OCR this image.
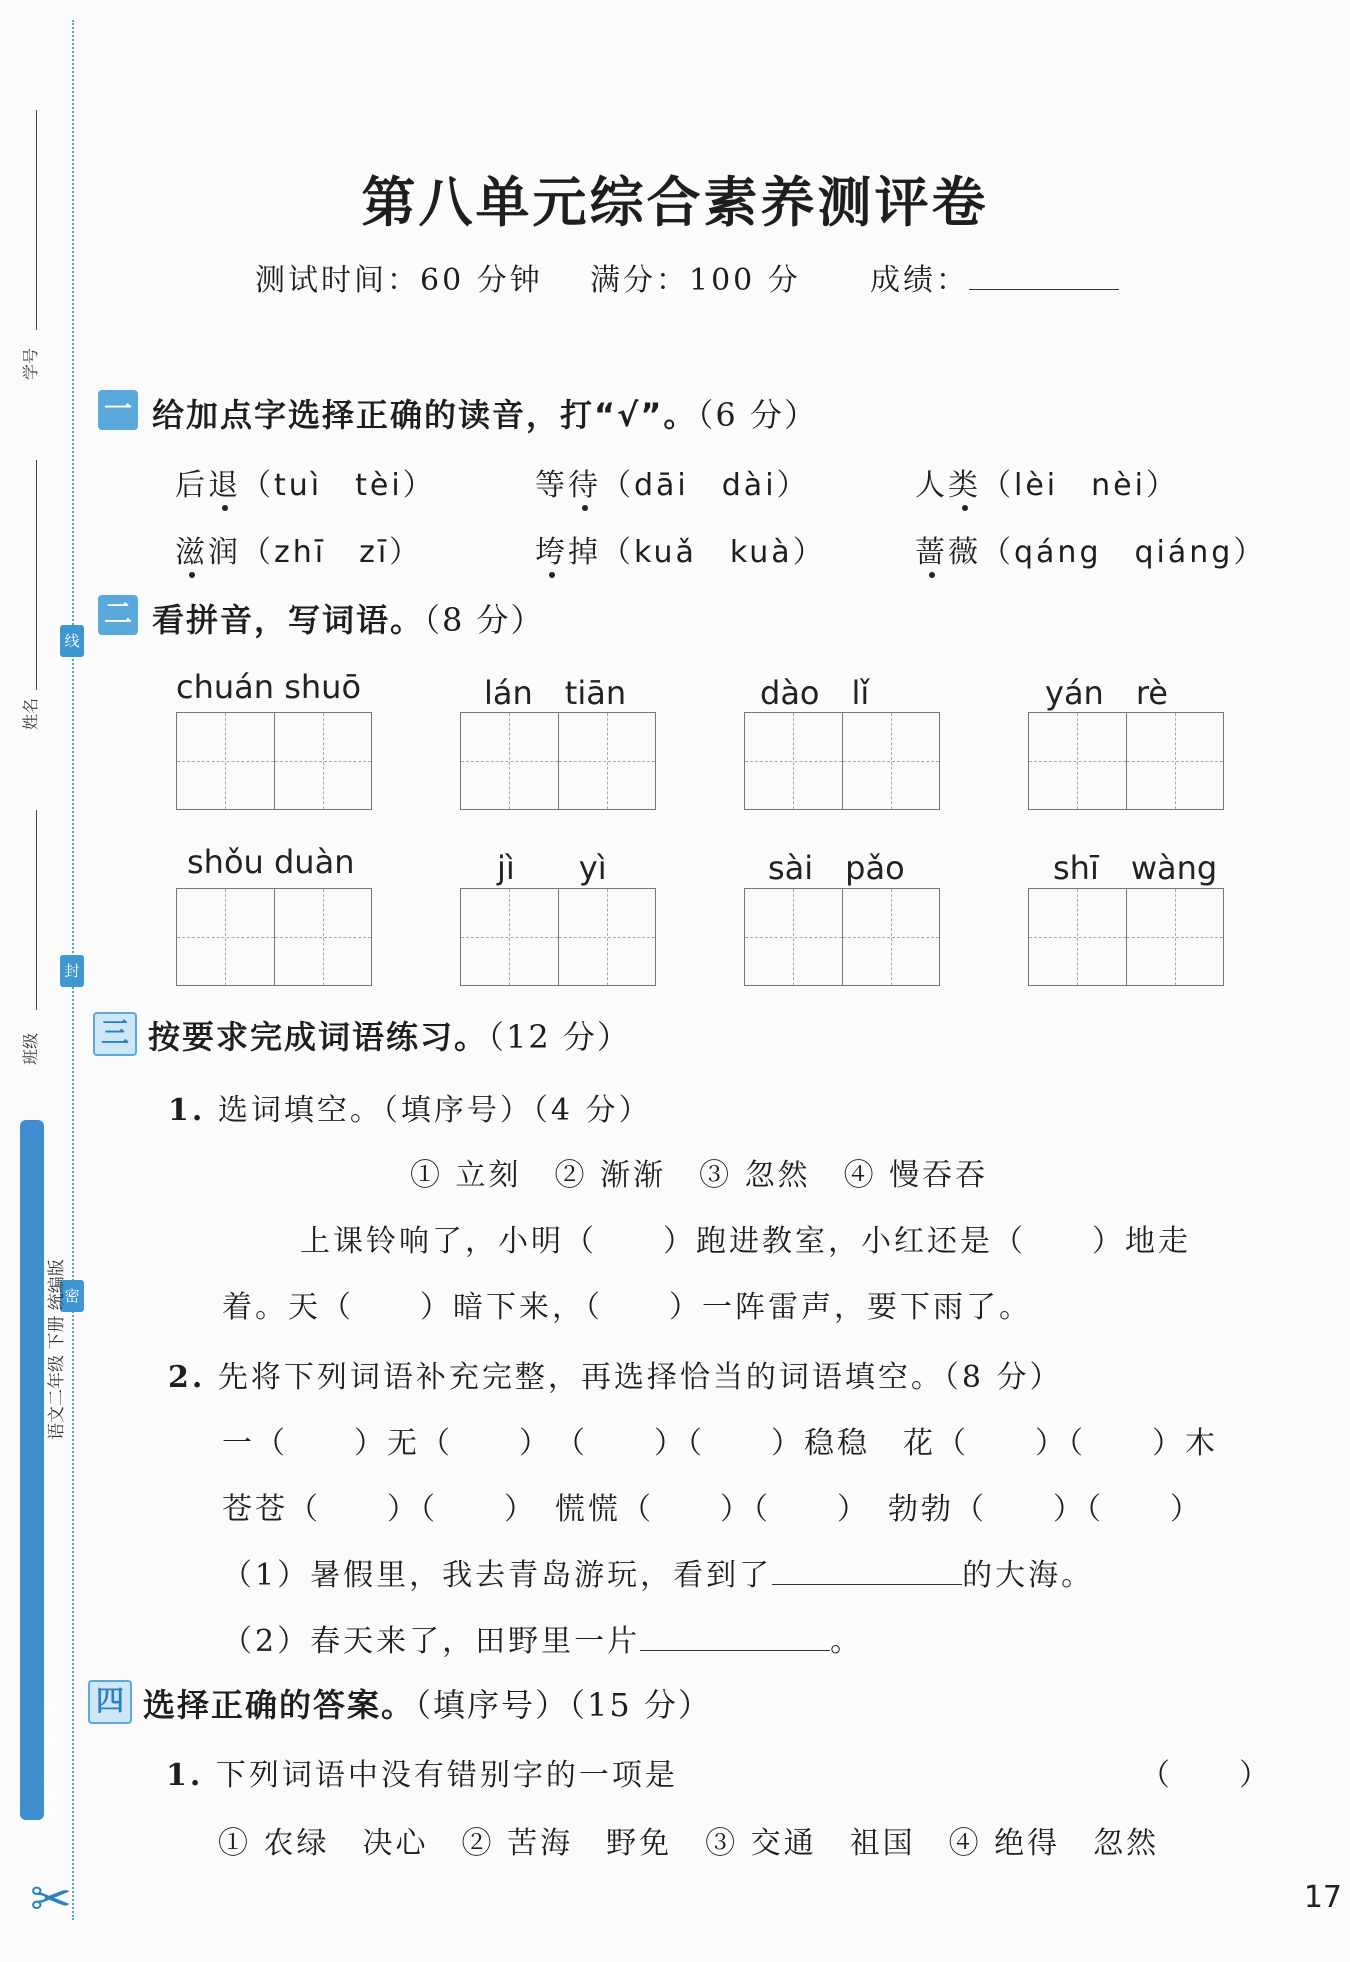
学号
姓名
班级
线
封
密
语文二年级 下册 统编版
新编同步测试卷
第八单元综合素养测评卷
测试时间：60 分钟 满分：100 分 成绩：
一 给加点字选择正确的读音，打“√”。（6 分）
后退（tuì　tèi）	等待（dāi　dài）	人类（lèi　nèi）
滋润（zhī　zī）	垮掉（kuǎ　kuà）	蔷薇（qáng　qiáng）
二 看拼音，写词语。（8 分）
chuán shuō	lán　tiān	dào　lǐ	yán　rè
shǒu duàn	jì　　yì	sài　pǎo	shī　wàng
三 按要求完成词语练习。（12 分）
1. 选词填空。（填序号）（4 分）
① 立刻　② 渐渐　③ 忽然　④ 慢吞吞
上课铃响了，小明（　　）跑进教室，小红还是（　　）地走
着。天（　　）暗下来，（　　）一阵雷声，要下雨了。
2. 先将下列词语补充完整，再选择恰当的词语填空。（8 分）
一（　　）无（　　）　（　　）（　　）稳稳　花（　　）（　　）木
苍苍（　　）（　　）　慌慌（　　）（　　）　勃勃（　　）（　　）
（1）暑假里，我去青岛游玩，看到了	的大海。
（2）春天来了，田野里一片	。
四 选择正确的答案。（填序号）（15 分）
1. 下列词语中没有错别字的一项是	（　　）
① 农绿　决心　② 苦海　野免　③ 交通　祖国　④ 绝得　忽然
✂	17
